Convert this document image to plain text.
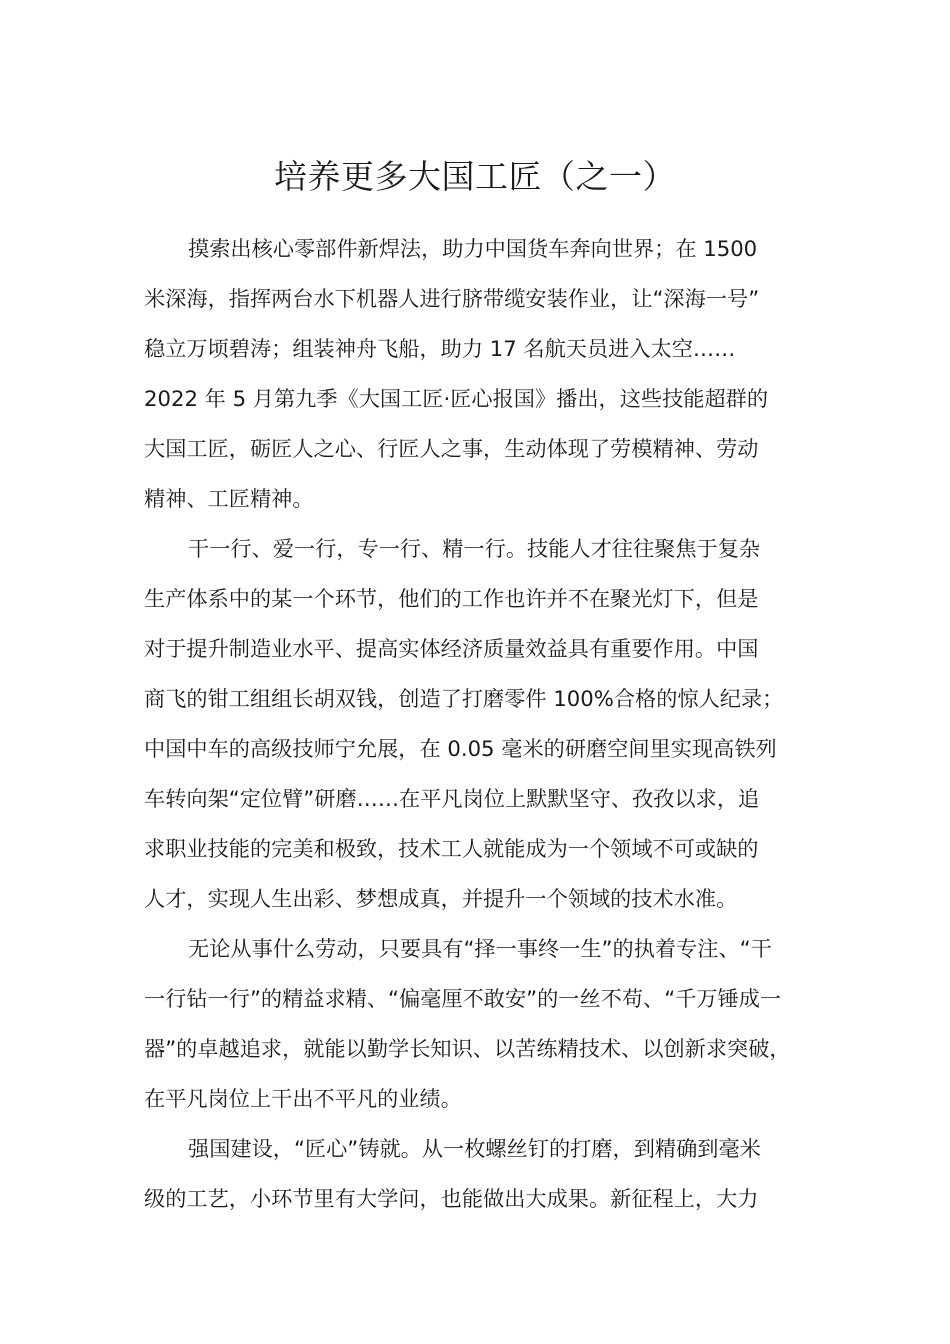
培养更多大国工匠（之一）
摸索出核心零部件新焊法，助力中国货车奔向世界；在 1500
米深海，指挥两台水下机器人进行脐带缆安装作业，让“深海一号”
稳立万顷碧涛；组装神舟飞船，助力 17 名航天员进入太空……
2022 年 5 月第九季《大国工匠·匠心报国》播出，这些技能超群的
大国工匠，砺匠人之心、行匠人之事，生动体现了劳模精神、劳动
精神、工匠精神。
干一行、爱一行，专一行、精一行。技能人才往往聚焦于复杂
生产体系中的某一个环节，他们的工作也许并不在聚光灯下，但是
对于提升制造业水平、提高实体经济质量效益具有重要作用。中国
商飞的钳工组组长胡双钱，创造了打磨零件 100%合格的惊人纪录；
中国中车的高级技师宁允展，在 0.05 毫米的研磨空间里实现高铁列
车转向架“定位臂”研磨……在平凡岗位上默默坚守、孜孜以求，追
求职业技能的完美和极致，技术工人就能成为一个领域不可或缺的
人才，实现人生出彩、梦想成真，并提升一个领域的技术水准。
无论从事什么劳动，只要具有“择一事终一生”的执着专注、“干
一行钻一行”的精益求精、“偏毫厘不敢安”的一丝不苟、“千万锤成一
器”的卓越追求，就能以勤学长知识、以苦练精技术、以创新求突破，
在平凡岗位上干出不平凡的业绩。
强国建设，“匠心”铸就。从一枚螺丝钉的打磨，到精确到毫米
级的工艺，小环节里有大学问，也能做出大成果。新征程上，大力
